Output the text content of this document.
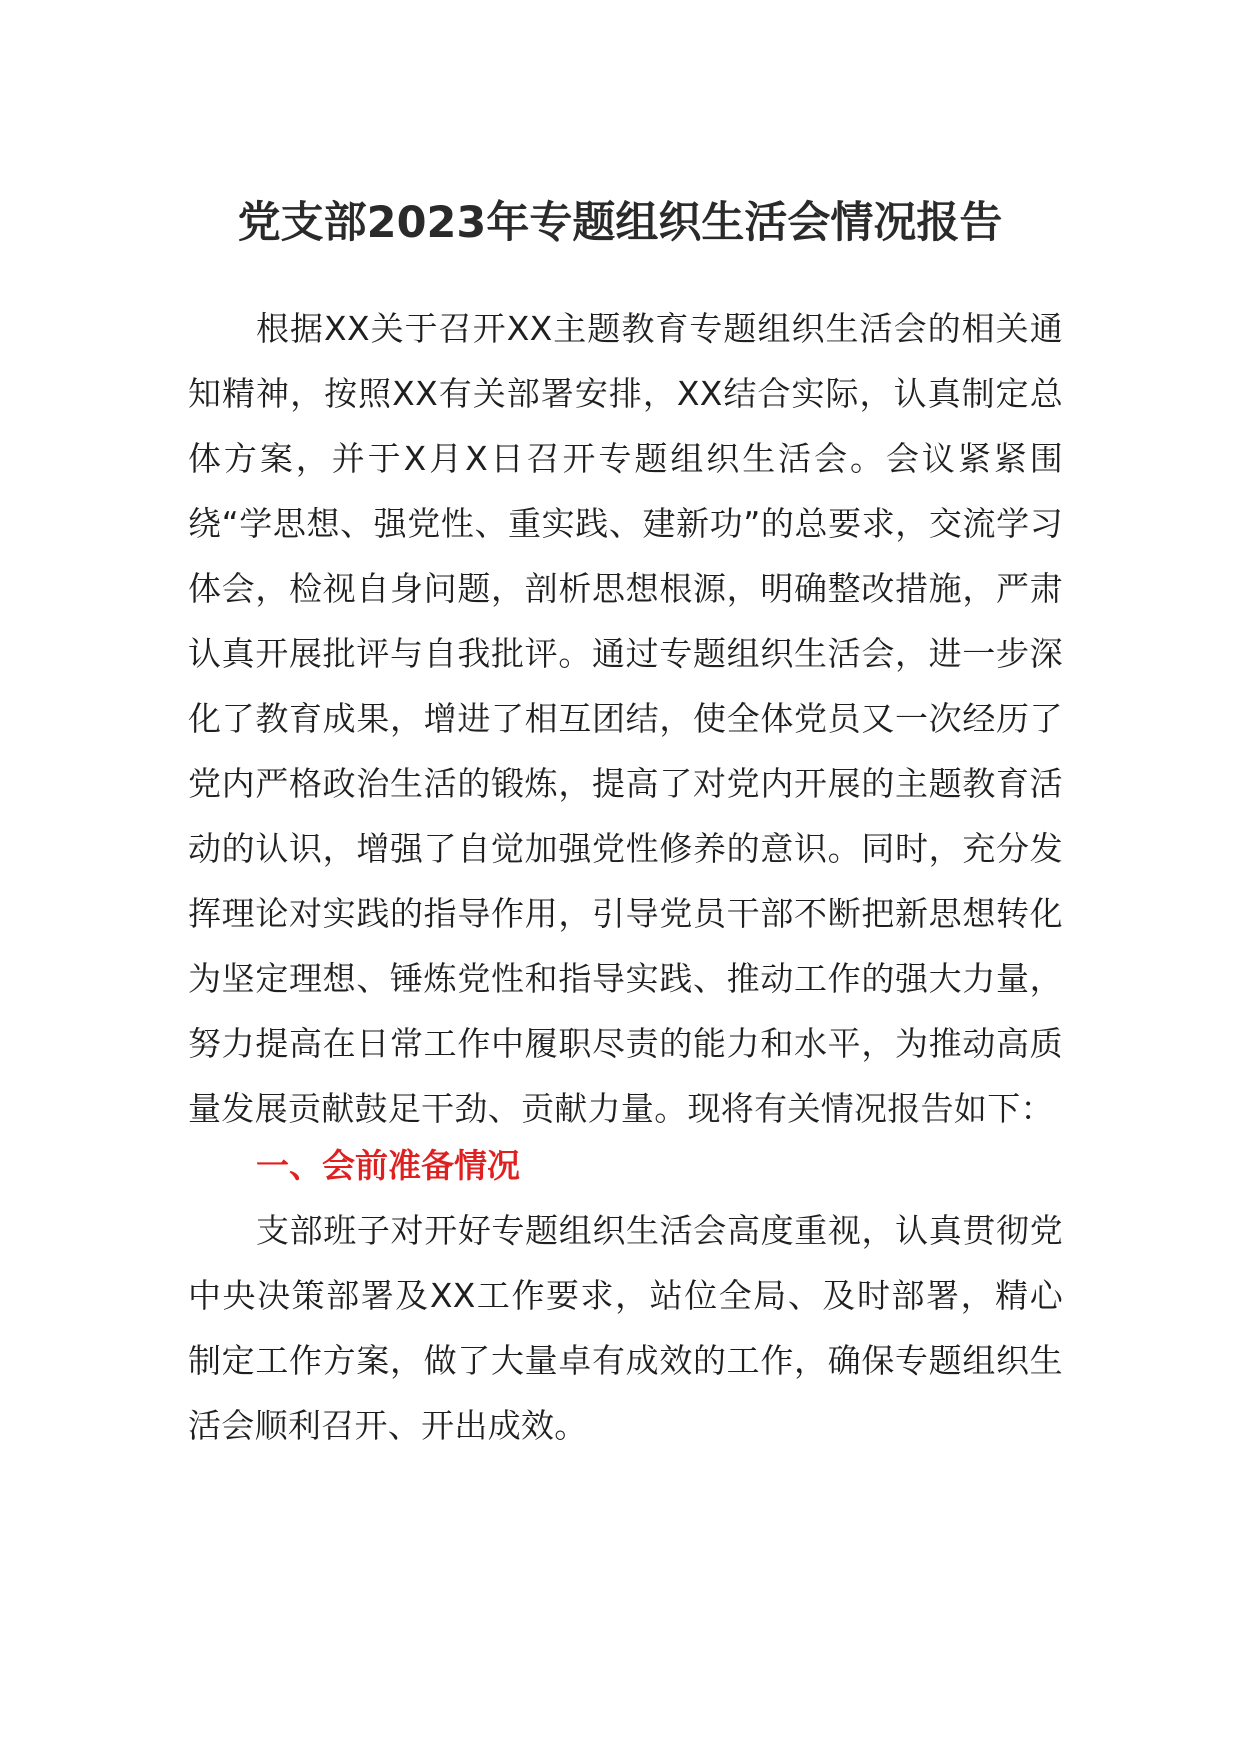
党支部2023年专题组织生活会情况报告

根据XX关于召开XX主题教育专题组织生活会的相关通知精神，按照XX有关部署安排，XX结合实际，认真制定总体方案，并于X月X日召开专题组织生活会。会议紧紧围绕“学思想、强党性、重实践、建新功”的总要求，交流学习体会，检视自身问题，剖析思想根源，明确整改措施，严肃认真开展批评与自我批评。通过专题组织生活会，进一步深化了教育成果，增进了相互团结，使全体党员又一次经历了党内严格政治生活的锻炼，提高了对党内开展的主题教育活动的认识，增强了自觉加强党性修养的意识。同时，充分发挥理论对实践的指导作用，引导党员干部不断把新思想转化为坚定理想、锤炼党性和指导实践、推动工作的强大力量，努力提高在日常工作中履职尽责的能力和水平，为推动高质量发展贡献鼓足干劲、贡献力量。现将有关情况报告如下：

一、会前准备情况

支部班子对开好专题组织生活会高度重视，认真贯彻党中央决策部署及XX工作要求，站位全局、及时部署，精心制定工作方案，做了大量卓有成效的工作，确保专题组织生活会顺利召开、开出成效。
